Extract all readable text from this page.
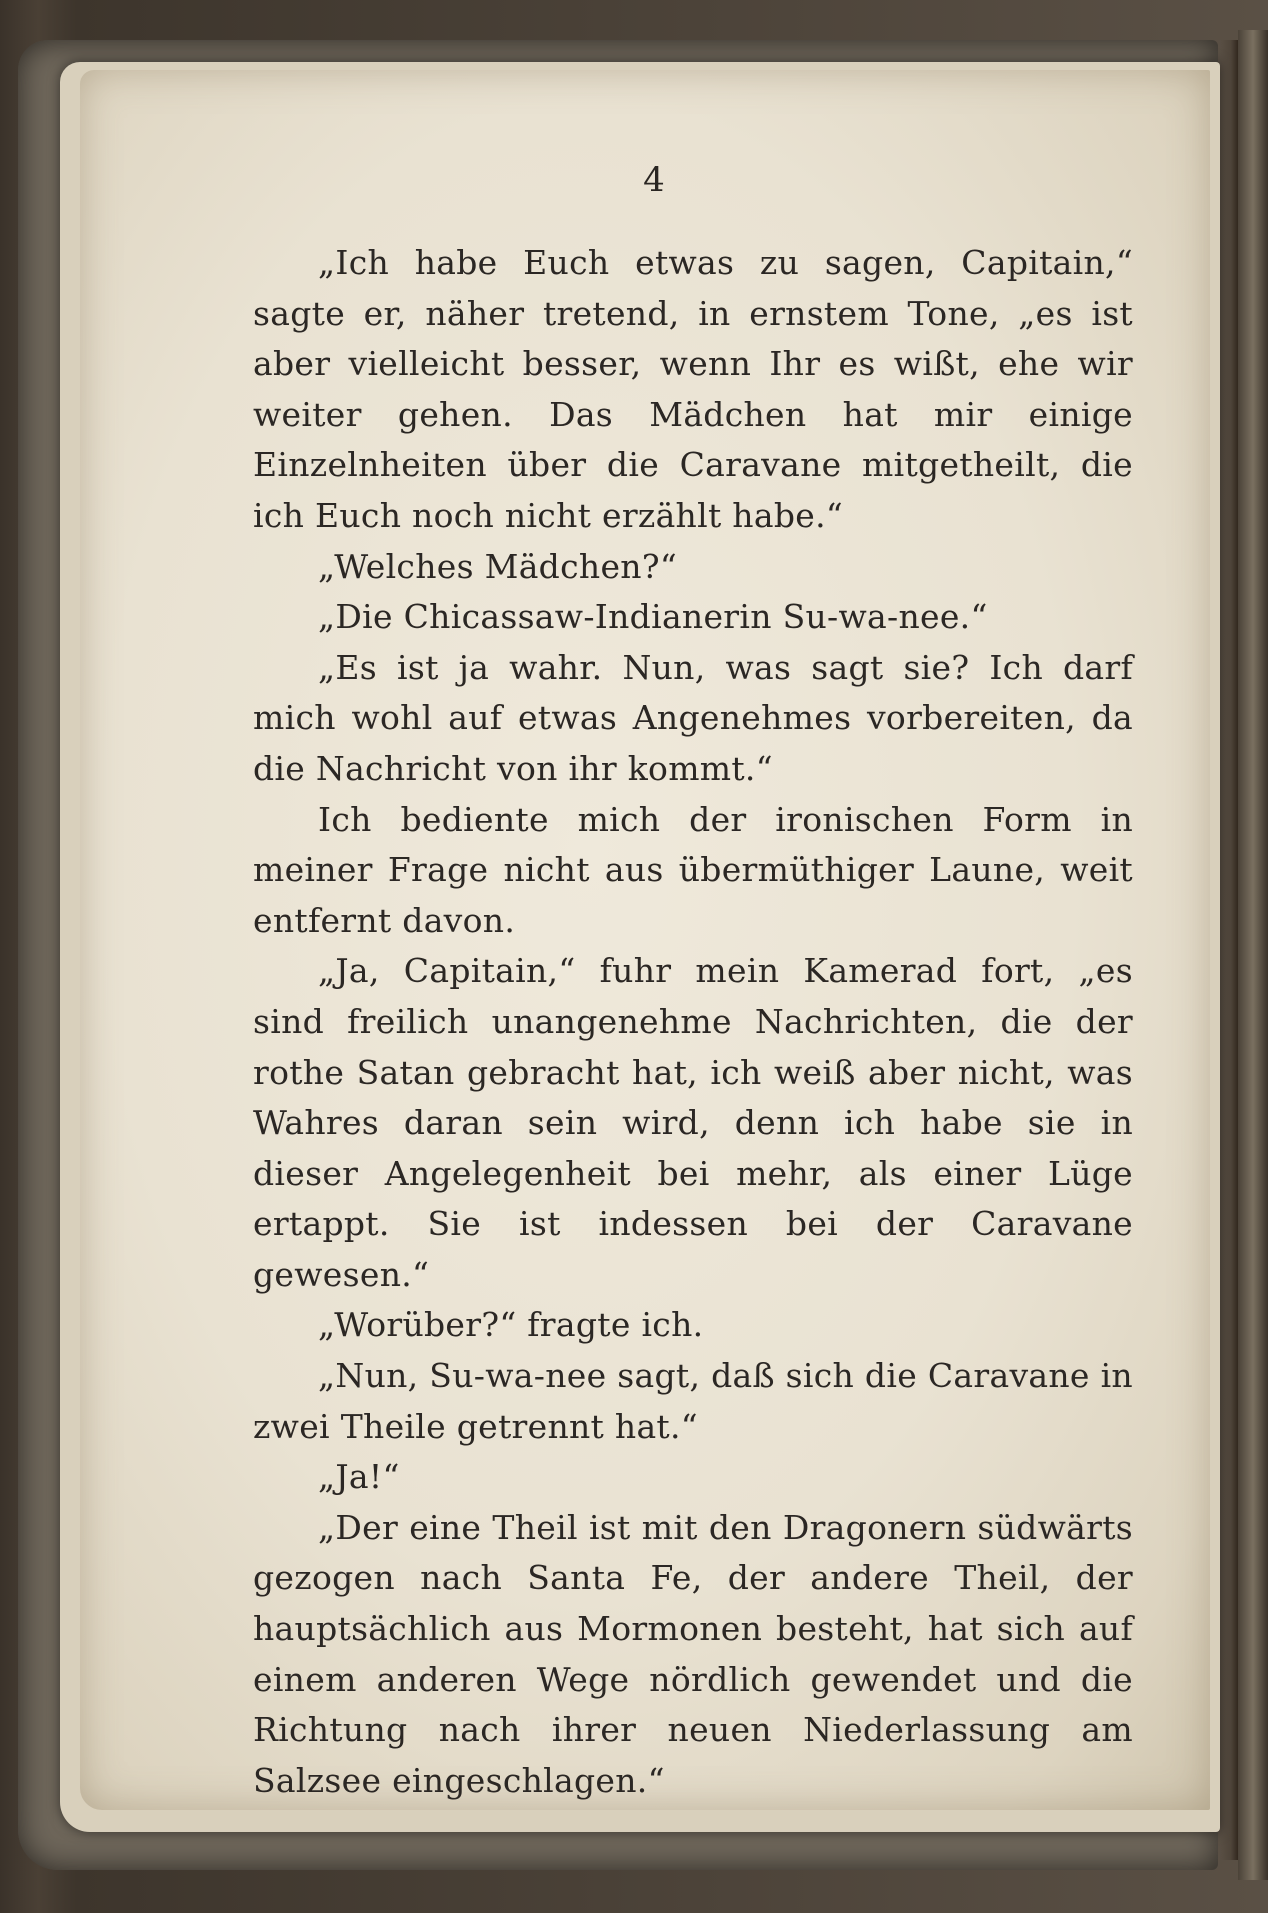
4

„Ich habe Euch etwas zu sagen, Capitain,“ sagte er, näher tretend, in ernstem Tone, „es ist aber vielleicht besser, wenn Ihr es wißt, ehe wir weiter gehen. Das Mädchen hat mir einige Einzelnheiten über die Caravane mitgetheilt, die ich Euch noch nicht erzählt habe.“

„Welches Mädchen?“

„Die Chicassaw-Indianerin Su-wa-nee.“

„Es ist ja wahr. Nun, was sagt sie? Ich darf mich wohl auf etwas Angenehmes vorbereiten, da die Nachricht von ihr kommt.“

Ich bediente mich der ironischen Form in meiner Frage nicht aus übermüthiger Laune, weit entfernt davon.

„Ja, Capitain,“ fuhr mein Kamerad fort, „es sind freilich unangenehme Nachrichten, die der rothe Satan gebracht hat, ich weiß aber nicht, was Wahres daran sein wird, denn ich habe sie in dieser Angelegenheit bei mehr, als einer Lüge ertappt. Sie ist indessen bei der Caravane gewesen.“

„Worüber?“ fragte ich.

„Nun, Su-wa-nee sagt, daß sich die Caravane in zwei Theile getrennt hat.“

„Ja!“

„Der eine Theil ist mit den Dragonern südwärts gezogen nach Santa Fe, der andere Theil, der hauptsächlich aus Mormonen besteht, hat sich auf einem anderen Wege nördlich gewendet und die Richtung nach ihrer neuen Niederlassung am Salzsee eingeschlagen.“
